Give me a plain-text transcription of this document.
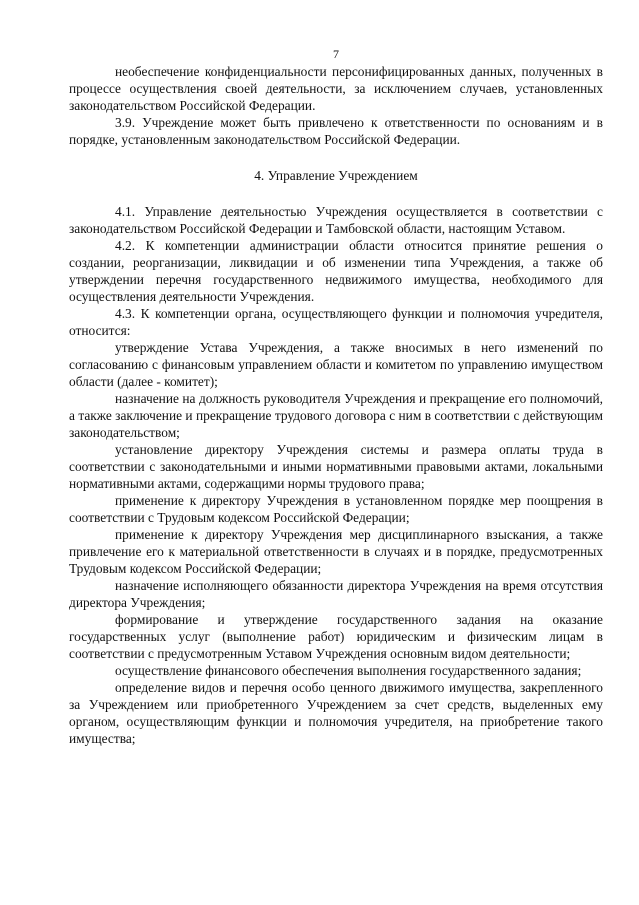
7

необеспечение конфиденциальности персонифицированных данных, полученных в процессе осуществления своей деятельности, за исключением случаев, установленных законодательством Российской Федерации.

3.9. Учреждение может быть привлечено к ответственности по основаниям и в порядке, установленным законодательством Российской Федерации.

4. Управление Учреждением

4.1. Управление деятельностью Учреждения осуществляется в соответствии с законодательством Российской Федерации и Тамбовской области, настоящим Уставом.

4.2. К компетенции администрации области относится принятие решения о создании, реорганизации, ликвидации и об изменении типа Учреждения, а также об утверждении перечня государственного недвижимого имущества, необходимого для осуществления деятельности Учреждения.

4.3. К компетенции органа, осуществляющего функции и полномочия учредителя, относится:

утверждение Устава Учреждения, а также вносимых в него изменений по согласованию с финансовым управлением области и комитетом по управлению имуществом области (далее - комитет);

назначение на должность руководителя Учреждения и прекращение его полномочий, а также заключение и прекращение трудового договора с ним в соответствии с действующим законодательством;

установление директору Учреждения системы и размера оплаты труда в соответствии с законодательными и иными нормативными правовыми актами, локальными нормативными актами, содержащими нормы трудового права;

применение к директору Учреждения в установленном порядке мер поощрения в соответствии с Трудовым кодексом Российской Федерации;

применение к директору Учреждения мер дисциплинарного взыскания, а также привлечение его к материальной ответственности в случаях и в порядке, предусмотренных Трудовым кодексом Российской Федерации;

назначение исполняющего обязанности директора Учреждения на время отсутствия директора Учреждения;

формирование и утверждение государственного задания на оказание государственных услуг (выполнение работ) юридическим и физическим лицам в соответствии с предусмотренным Уставом Учреждения основным видом деятельности;

осуществление финансового обеспечения выполнения государственного задания;

определение видов и перечня особо ценного движимого имущества, закрепленного за Учреждением или приобретенного Учреждением за счет средств, выделенных ему органом, осуществляющим функции и полномочия учредителя, на приобретение такого имущества;
